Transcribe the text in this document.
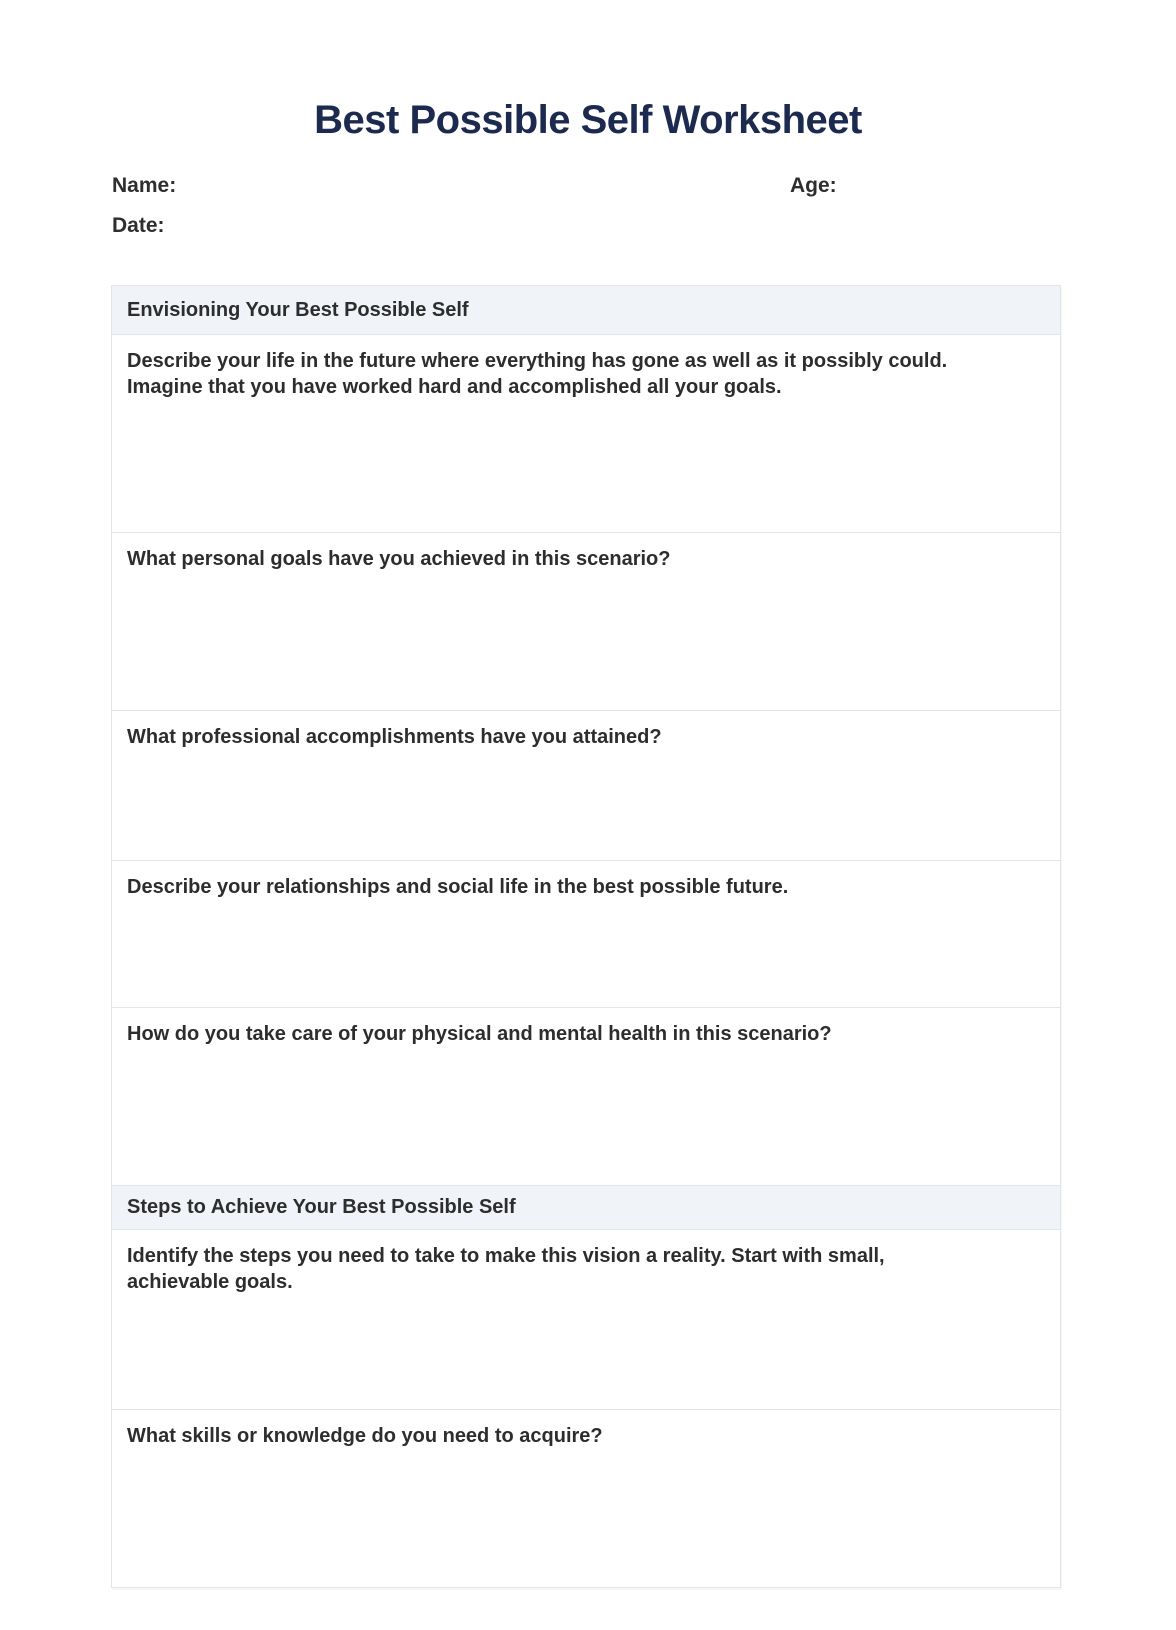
Best Possible Self Worksheet
Name:	Age:
Date:
Envisioning Your Best Possible Self

Describe your life in the future where everything has gone as well as it possibly could. Imagine that you have worked hard and accomplished all your goals.

What personal goals have you achieved in this scenario?

What professional accomplishments have you attained?

Describe your relationships and social life in the best possible future.

How do you take care of your physical and mental health in this scenario?

Steps to Achieve Your Best Possible Self

Identify the steps you need to take to make this vision a reality. Start with small, achievable goals.

What skills or knowledge do you need to acquire?
